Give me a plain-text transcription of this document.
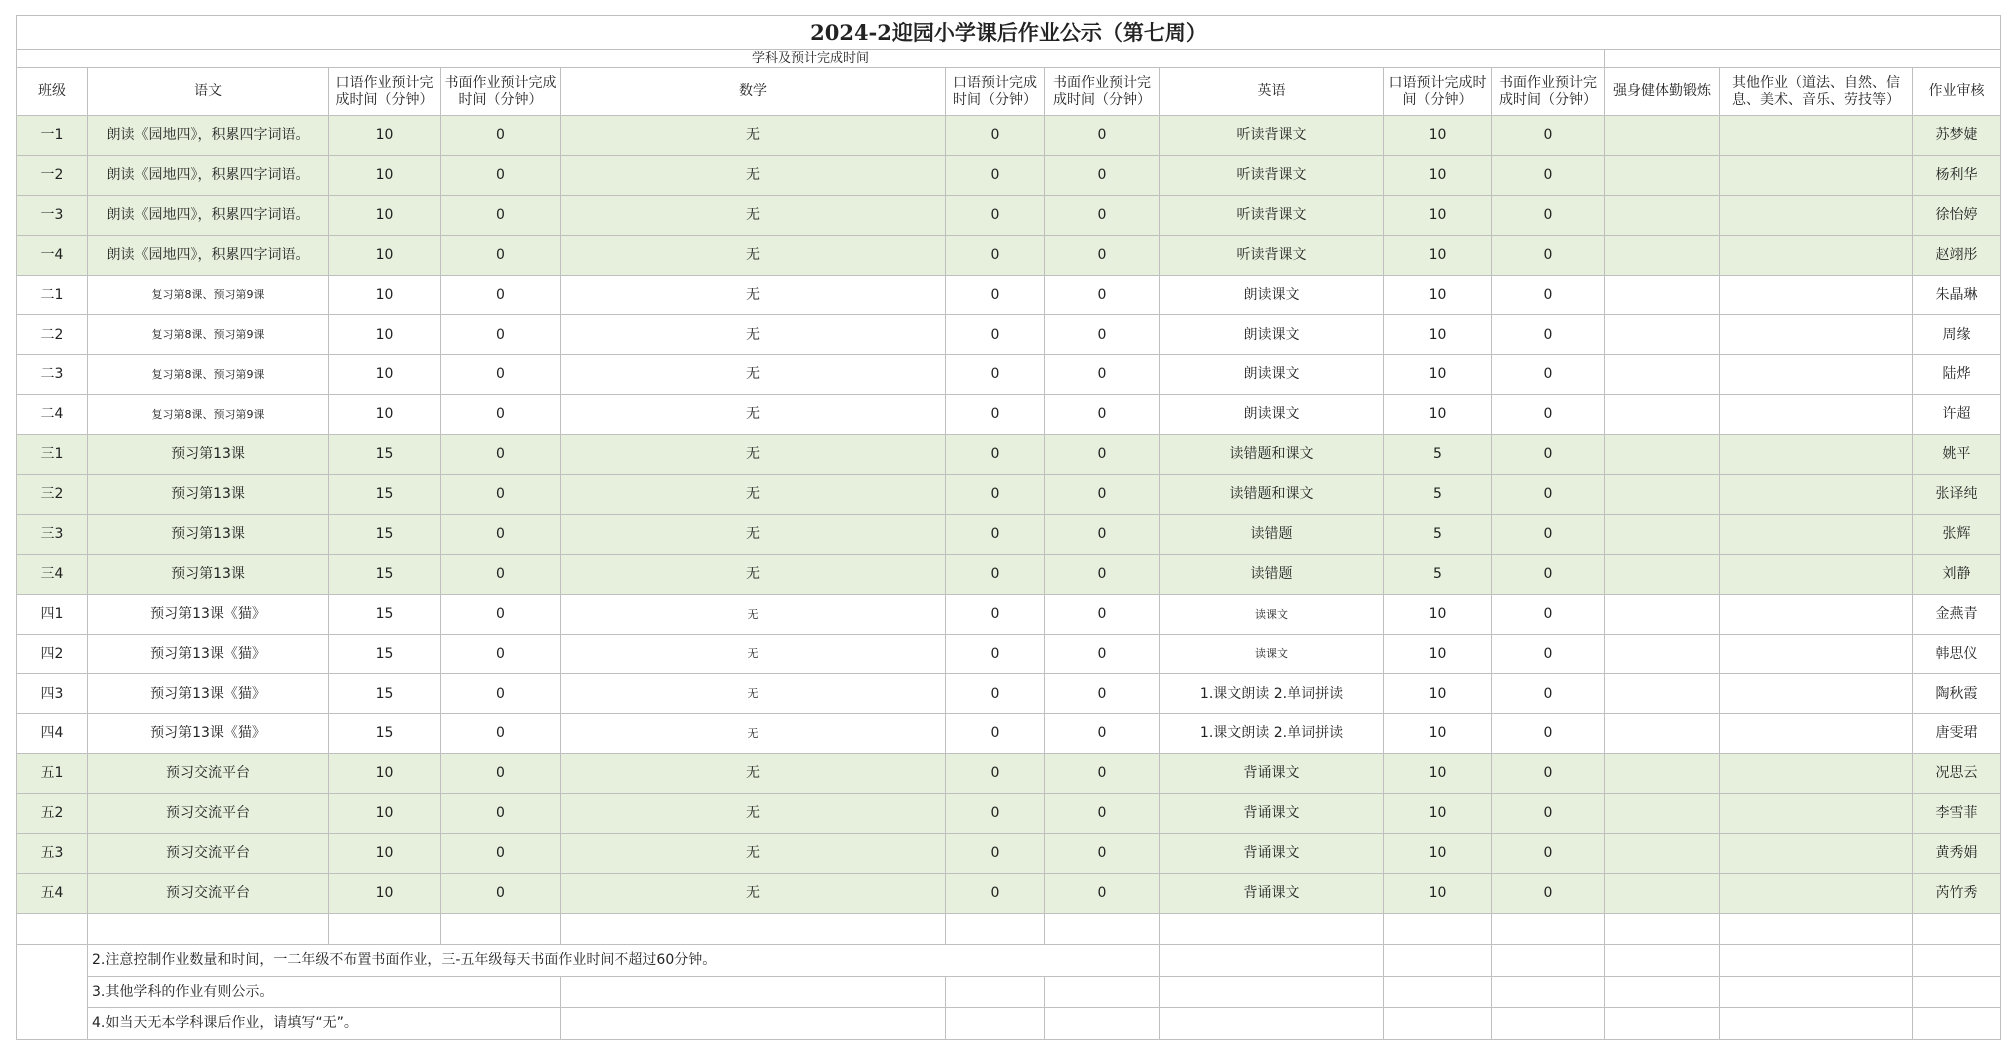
2024-2迎园小学课后作业公示（第七周）												
学科及预计完成时间												
班级	语文	口语作业预计完成时间（分钟）	书面作业预计完成时间（分钟）	数学	口语预计完成时间（分钟）	书面作业预计完成时间（分钟）	英语	口语预计完成时间（分钟）	书面作业预计完成时间（分钟）	强身健体勤锻炼	其他作业（道法、自然、信息、美术、音乐、劳技等）	作业审核
一1	朗读《园地四》，积累四字词语。	10	0	无	0	0	听读背课文	10	0			苏梦婕
一2	朗读《园地四》，积累四字词语。	10	0	无	0	0	听读背课文	10	0			杨利华
一3	朗读《园地四》，积累四字词语。	10	0	无	0	0	听读背课文	10	0			徐怡婷
一4	朗读《园地四》，积累四字词语。	10	0	无	0	0	听读背课文	10	0			赵翊彤
二1	复习第8课、预习第9课	10	0	无	0	0	朗读课文	10	0			朱晶琳
二2	复习第8课、预习第9课	10	0	无	0	0	朗读课文	10	0			周缘
二3	复习第8课、预习第9课	10	0	无	0	0	朗读课文	10	0			陆烨
二4	复习第8课、预习第9课	10	0	无	0	0	朗读课文	10	0			许超
三1	预习第13课	15	0	无	0	0	读错题和课文	5	0			姚平
三2	预习第13课	15	0	无	0	0	读错题和课文	5	0			张译纯
三3	预习第13课	15	0	无	0	0	读错题	5	0			张辉
三4	预习第13课	15	0	无	0	0	读错题	5	0			刘静
四1	预习第13课《猫》	15	0	无	0	0	读课文	10	0			金燕青
四2	预习第13课《猫》	15	0	无	0	0	读课文	10	0			韩思仪
四3	预习第13课《猫》	15	0	无	0	0	1.课文朗读 2.单词拼读	10	0			陶秋霞
四4	预习第13课《猫》	15	0	无	0	0	1.课文朗读 2.单词拼读	10	0			唐雯珺
五1	预习交流平台	10	0	无	0	0	背诵课文	10	0			况思云
五2	预习交流平台	10	0	无	0	0	背诵课文	10	0			李雪菲
五3	预习交流平台	10	0	无	0	0	背诵课文	10	0			黄秀娟
五4	预习交流平台	10	0	无	0	0	背诵课文	10	0			芮竹秀

	2.注意控制作业数量和时间，一二年级不布置书面作业，三-五年级每天书面作业时间不超过60分钟。											
	3.其他学科的作业有则公示。											
	4.如当天无本学科课后作业，请填写“无”。											
